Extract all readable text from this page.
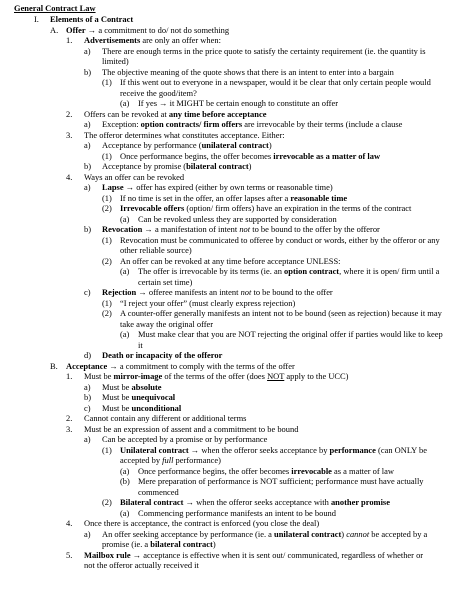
General Contract Law
I. Elements of a Contract
A. Offer → a commitment to do/ not do something
1. Advertisements are only an offer when:
a) There are enough terms in the price quote to satisfy the certainty requirement (ie. the quantity is
limited)
b) The objective meaning of the quote shows that there is an intent to enter into a bargain
(1) If this went out to everyone in a newspaper, would it be clear that only certain people would
receive the good/item?
(a) If yes → it MIGHT be certain enough to constitute an offer
2. Offers can be revoked at any time before acceptance
a) Exception: option contracts/ firm offers are irrevocable by their terms (include a clause
3. The offeror determines what constitutes acceptance. Either:
a) Acceptance by performance (unilateral contract)
(1) Once performance begins, the offer becomes irrevocable as a matter of law
b) Acceptance by promise (bilateral contract)
4. Ways an offer can be revoked
a) Lapse → offer has expired (either by own terms or reasonable time)
(1) If no time is set in the offer, an offer lapses after a reasonable time
(2) Irrevocable offers (option/ firm offers) have an expiration in the terms of the contract
(a) Can be revoked unless they are supported by consideration
b) Revocation → a manifestation of intent not to be bound to the offer by the offeror
(1) Revocation must be communicated to offeree by conduct or words, either by the offeror or any
other reliable source)
(2) An offer can be revoked at any time before acceptance UNLESS:
(a) The offer is irrevocable by its terms (ie. an option contract, where it is open/ firm until a
certain set time)
c) Rejection → offeree manifests an intent not to be bound to the offer
(1) “I reject your offer” (must clearly express rejection)
(2) A counter-offer generally manifests an intent not to be bound (seen as rejection) because it may
take away the original offer
(a) Must make clear that you are NOT rejecting the original offer if parties would like to keep
it
d) Death or incapacity of the offeror
B. Acceptance → a commitment to comply with the terms of the offer
1. Must be mirror-image of the terms of the offer (does NOT apply to the UCC)
a) Must be absolute
b) Must be unequivocal
c) Must be unconditional
2. Cannot contain any different or additional terms
3. Must be an expression of assent and a commitment to be bound
a) Can be accepted by a promise or by performance
(1) Unilateral contract → when the offeror seeks acceptance by performance (can ONLY be
accepted by full performance)
(a) Once performance begins, the offer becomes irrevocable as a matter of law
(b) Mere preparation of performance is NOT sufficient; performance must have actually
commenced
(2) Bilateral contract → when the offeror seeks acceptance with another promise
(a) Commencing performance manifests an intent to be bound
4. Once there is acceptance, the contract is enforced (you close the deal)
a) An offer seeking acceptance by performance (ie. a unilateral contract) cannot be accepted by a
promise (ie. a bilateral contract)
5. Mailbox rule → acceptance is effective when it is sent out/ communicated, regardless of whether or
not the offeror actually received it
